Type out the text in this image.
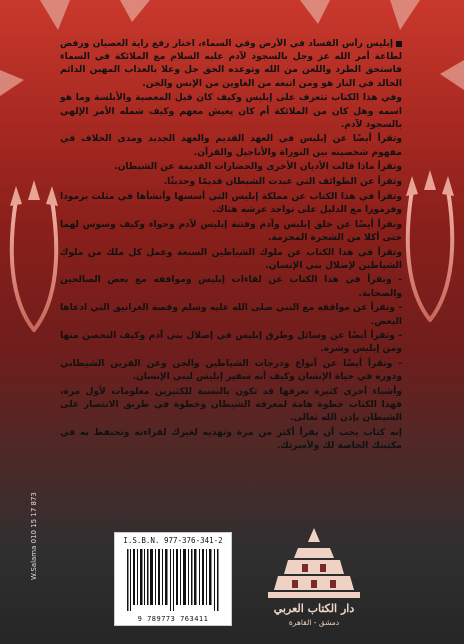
إبليس رأس الفساد في الأرض وفي السماء، اختار رفع راية العصيان ورفض لطاعة أمر الله عز وجل بالسجود لآدم عليه السلام مع الملائكة في السماء فاستحق الطرد واللعن من الله وتوعده الحق جل وعلا بالعذاب المهين الدائم الخالد في النار هو ومن اتبعه من الغاوين من الإنس والجن.

وفي هذا الكتاب تتعرف على إبليس وكيف كان قبل المعصية والأبلسة وما هو اسمه وهل كان من الملائكة أم كان يعيش معهم وكيف شمله الأمر الإلهي بالسجود لآدم.

وتقرأ أيضًا عن إبليس في العهد القديم والعهد الجديد ومدى الخلاف في مفهوم شخصيته بين التوراة والأناجيل والقرآن.

وتقرأ ماذا قالت الأديان الأخرى والحضارات القديمة عن الشيطان.

وتقرأ عن الطوائف التي عبدت الشيطان قديمًا وحديثًا.

وتقرأ في هذا الكتاب عن مملكة إبليس التي أسسها وأنشأها في مثلث برمودا وفرموزا مع الدليل على تواجد عرشه هناك.

وتقرأ أيضًا عن خلق إبليس وآدم وفتنة إبليس لآدم وحواء وكيف وسوس لهما حتى أكلا من الشجرة المحرمة.

وتقرأ في هذا الكتاب عن ملوك الشياطين السبعة وعمل كل ملك من ملوك الشياطين لإضلال بني الإنسان.

- وتقرأ في هذا الكتاب عن لقاءات إبليس ومواقفه مع بعض الصالحين والصحابة.

- وتقرأ عن مواقفه مع النبي صلى الله عليه وسلم وقصة الغرانيق التي ادعاها البعض.

- وتقرأ أيضًا عن وسائل وطرق إبليس في إضلال بني آدم وكيف التحصن منها ومن إبليس وشره.

- وتقرأ أيضًا عن أنواع ودرجات الشياطين والجن وعن القرين الشيطاني ودوره في حياة الإنسان وكيف أنه سفير إبليس لبني الإنسان.

وأشياء أخرى كثيرة تعرفها قد تكون بالنسبة للكثيرين معلومات لأول مرة، فهذا الكتاب خطوة هامة لمعرفة الشيطان وخطوة في طريق الانتصار على الشيطان بإذن الله تعالى.

إنه كتاب يجب أن يقرأ أكثر من مرة وتهديه لغيرك لقراءته وتحتفظ به في مكتبتك الخاصة لك ولأسرتك.

W.Salama 010 15 17 873	I.S.B.N. 977-376-341-2
9 789773 763411
دار الكتاب العربي
دمشق - القاهرة
